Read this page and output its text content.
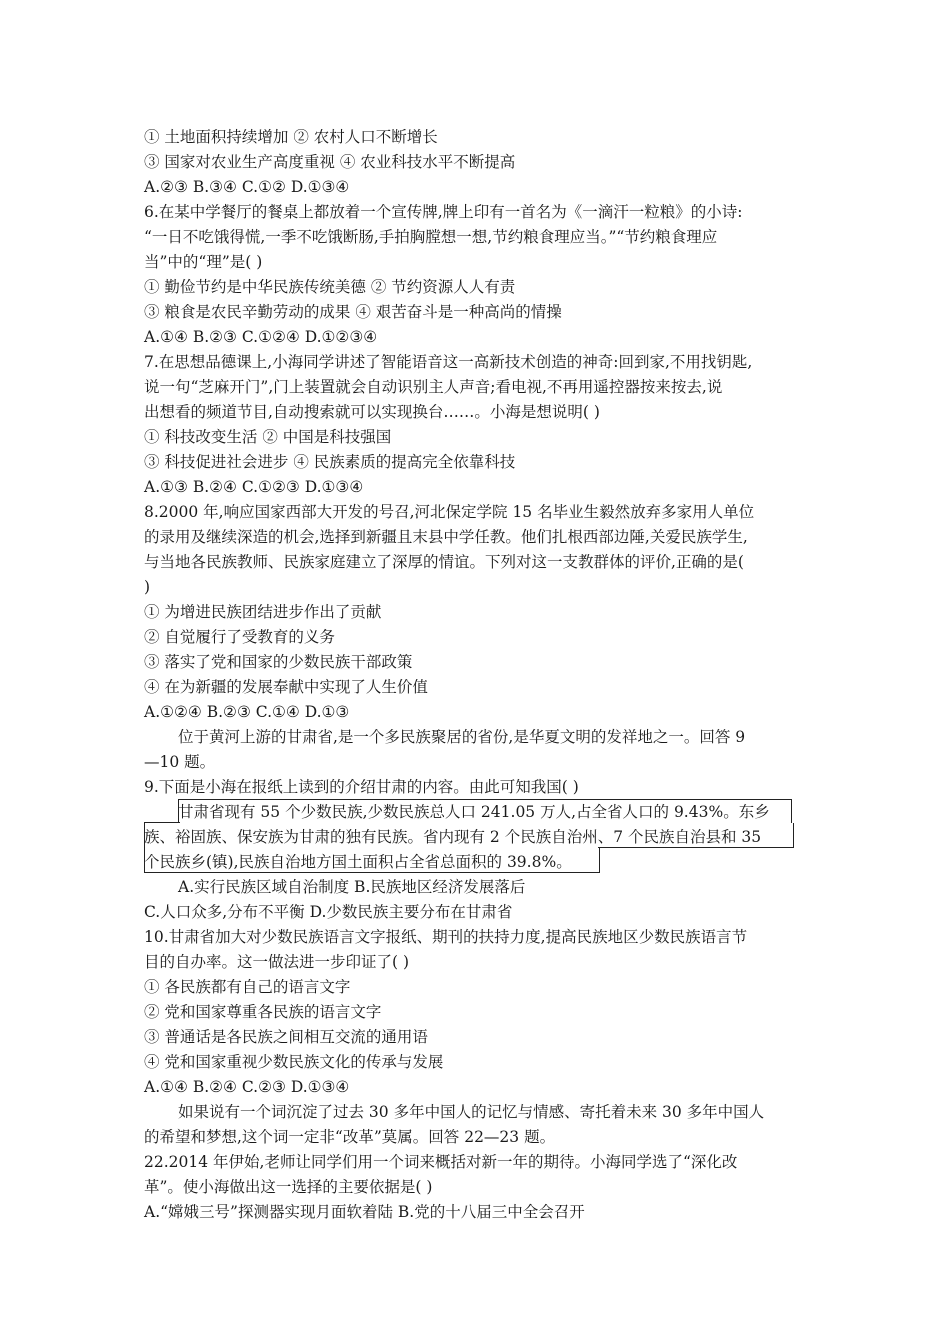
① 土地面积持续增加 ② 农村人口不断增长
③ 国家对农业生产高度重视 ④ 农业科技水平不断提高
A.②③ B.③④ C.①② D.①③④
6.在某中学餐厅的餐桌上都放着一个宣传牌,牌上印有一首名为《一滴汗一粒粮》的小诗:
“一日不吃饿得慌,一季不吃饿断肠,手拍胸膛想一想,节约粮食理应当。”“节约粮食理应
当”中的“理”是( )
① 勤俭节约是中华民族传统美德 ② 节约资源人人有责
③ 粮食是农民辛勤劳动的成果 ④ 艰苦奋斗是一种高尚的情操
A.①④ B.②③ C.①②④ D.①②③④
7.在思想品德课上,小海同学讲述了智能语音这一高新技术创造的神奇:回到家,不用找钥匙,
说一句“芝麻开门”,门上装置就会自动识别主人声音;看电视,不再用遥控器按来按去,说
出想看的频道节目,自动搜索就可以实现换台……。小海是想说明( )
① 科技改变生活 ② 中国是科技强国
③ 科技促进社会进步 ④ 民族素质的提高完全依靠科技
A.①③ B.②④ C.①②③ D.①③④
8.2000 年,响应国家西部大开发的号召,河北保定学院 15 名毕业生毅然放弃多家用人单位
的录用及继续深造的机会,选择到新疆且末县中学任教。他们扎根西部边陲,关爱民族学生,
与当地各民族教师、民族家庭建立了深厚的情谊。下列对这一支教群体的评价,正确的是(
)
① 为增进民族团结进步作出了贡献
② 自觉履行了受教育的义务
③ 落实了党和国家的少数民族干部政策
④ 在为新疆的发展奉献中实现了人生价值
A.①②④ B.②③ C.①④ D.①③
位于黄河上游的甘肃省,是一个多民族聚居的省份,是华夏文明的发祥地之一。回答 9
—10 题。
9.下面是小海在报纸上读到的介绍甘肃的内容。由此可知我国( )
甘肃省现有 55 个少数民族,少数民族总人口 241.05 万人,占全省人口的 9.43%。东乡
族、裕固族、保安族为甘肃的独有民族。省内现有 2 个民族自治州、7 个民族自治县和 35
个民族乡(镇),民族自治地方国土面积占全省总面积的 39.8%。
A.实行民族区域自治制度 B.民族地区经济发展落后
C.人口众多,分布不平衡 D.少数民族主要分布在甘肃省
10.甘肃省加大对少数民族语言文字报纸、期刊的扶持力度,提高民族地区少数民族语言节
目的自办率。这一做法进一步印证了( )
① 各民族都有自己的语言文字
② 党和国家尊重各民族的语言文字
③ 普通话是各民族之间相互交流的通用语
④ 党和国家重视少数民族文化的传承与发展
A.①④ B.②④ C.②③ D.①③④
如果说有一个词沉淀了过去 30 多年中国人的记忆与情感、寄托着未来 30 多年中国人
的希望和梦想,这个词一定非“改革”莫属。回答 22—23 题。
22.2014 年伊始,老师让同学们用一个词来概括对新一年的期待。小海同学选了“深化改
革”。使小海做出这一选择的主要依据是( )
A.“嫦娥三号”探测器实现月面软着陆 B.党的十八届三中全会召开
